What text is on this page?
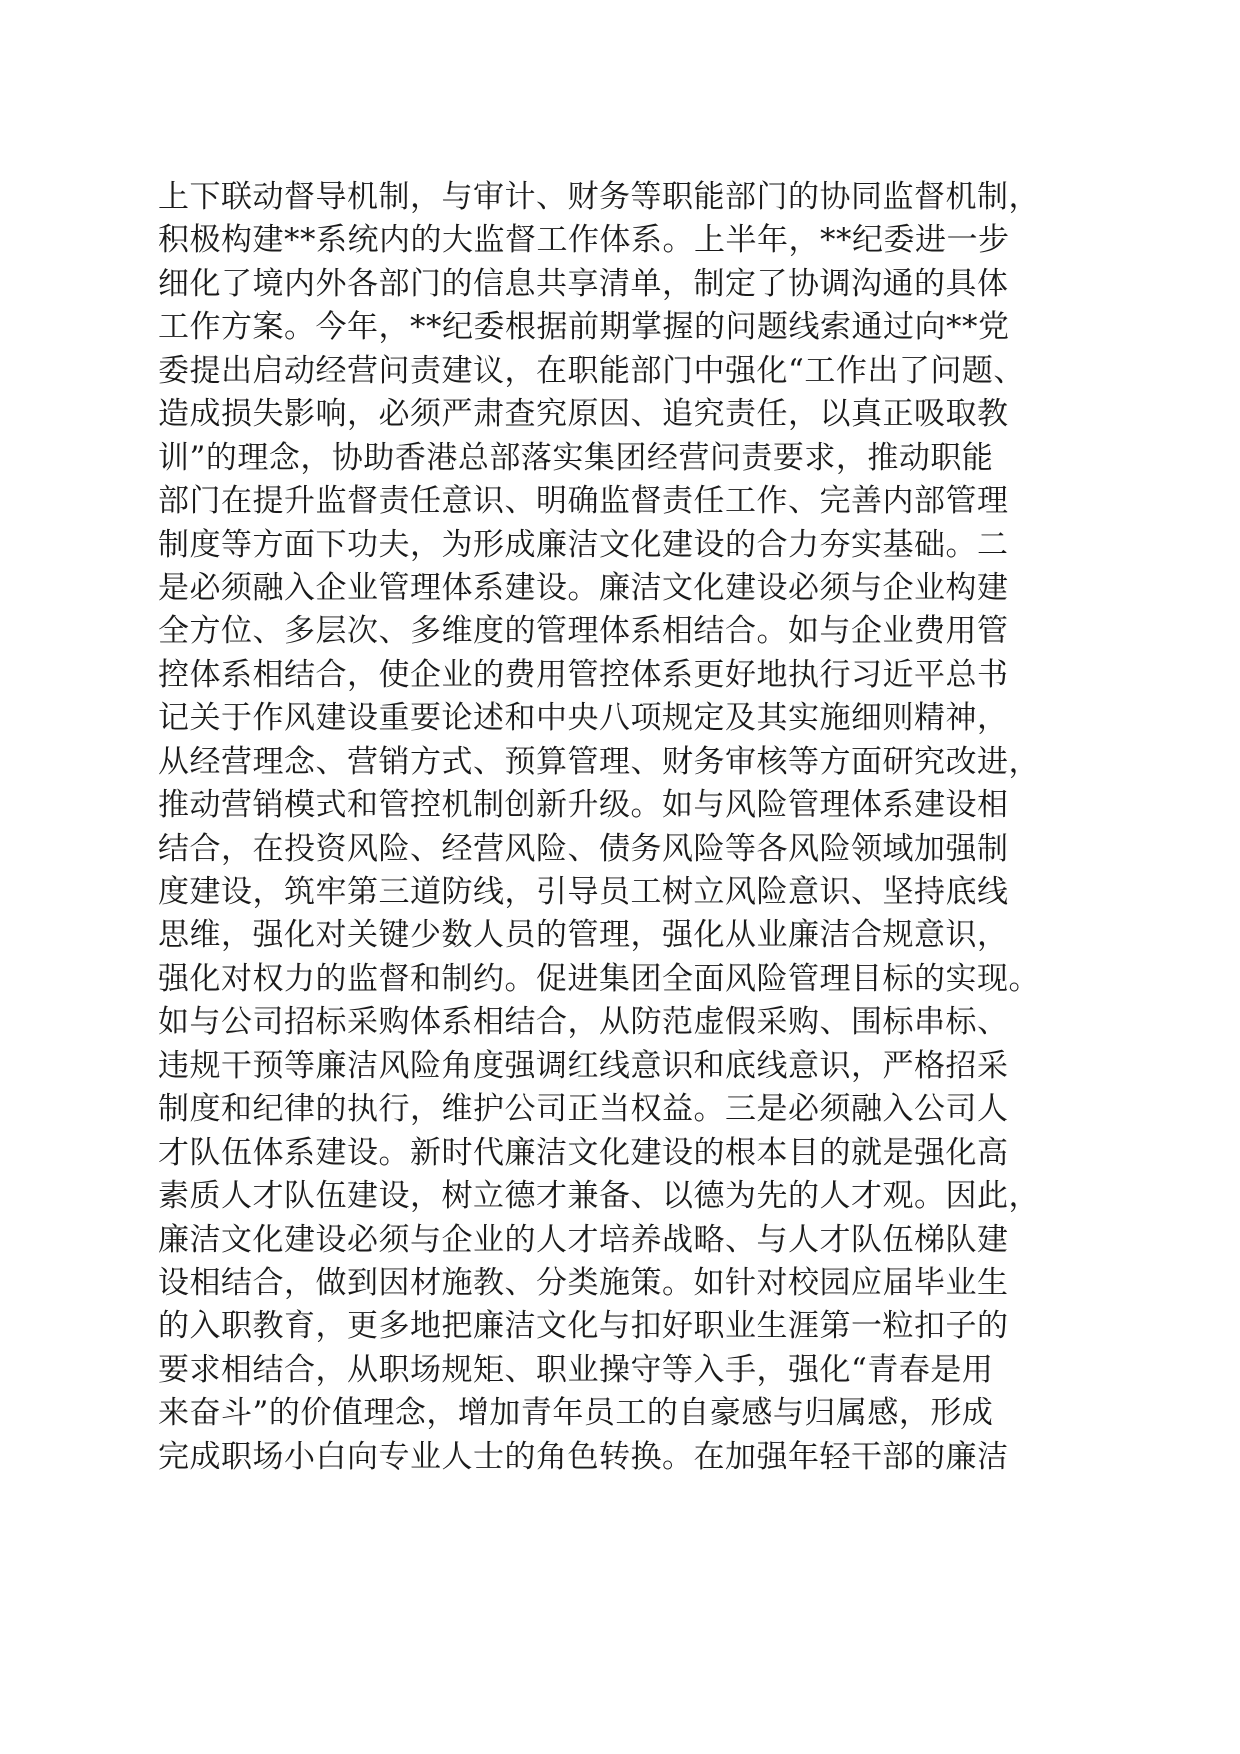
上下联动督导机制，与审计、财务等职能部门的协同监督机制，
积极构建**系统内的大监督工作体系。上半年，**纪委进一步
细化了境内外各部门的信息共享清单，制定了协调沟通的具体
工作方案。今年，**纪委根据前期掌握的问题线索通过向**党
委提出启动经营问责建议，在职能部门中强化“工作出了问题、
造成损失影响，必须严肃查究原因、追究责任，以真正吸取教
训”的理念，协助香港总部落实集团经营问责要求，推动职能
部门在提升监督责任意识、明确监督责任工作、完善内部管理
制度等方面下功夫，为形成廉洁文化建设的合力夯实基础。二
是必须融入企业管理体系建设。廉洁文化建设必须与企业构建
全方位、多层次、多维度的管理体系相结合。如与企业费用管
控体系相结合，使企业的费用管控体系更好地执行习近平总书
记关于作风建设重要论述和中央八项规定及其实施细则精神，
从经营理念、营销方式、预算管理、财务审核等方面研究改进，
推动营销模式和管控机制创新升级。如与风险管理体系建设相
结合，在投资风险、经营风险、债务风险等各风险领域加强制
度建设，筑牢第三道防线，引导员工树立风险意识、坚持底线
思维，强化对关键少数人员的管理，强化从业廉洁合规意识，
强化对权力的监督和制约。促进集团全面风险管理目标的实现。
如与公司招标采购体系相结合，从防范虚假采购、围标串标、
违规干预等廉洁风险角度强调红线意识和底线意识，严格招采
制度和纪律的执行，维护公司正当权益。三是必须融入公司人
才队伍体系建设。新时代廉洁文化建设的根本目的就是强化高
素质人才队伍建设，树立德才兼备、以德为先的人才观。因此，
廉洁文化建设必须与企业的人才培养战略、与人才队伍梯队建
设相结合，做到因材施教、分类施策。如针对校园应届毕业生
的入职教育，更多地把廉洁文化与扣好职业生涯第一粒扣子的
要求相结合，从职场规矩、职业操守等入手，强化“青春是用
来奋斗”的价值理念，增加青年员工的自豪感与归属感，形成
完成职场小白向专业人士的角色转换。在加强年轻干部的廉洁
